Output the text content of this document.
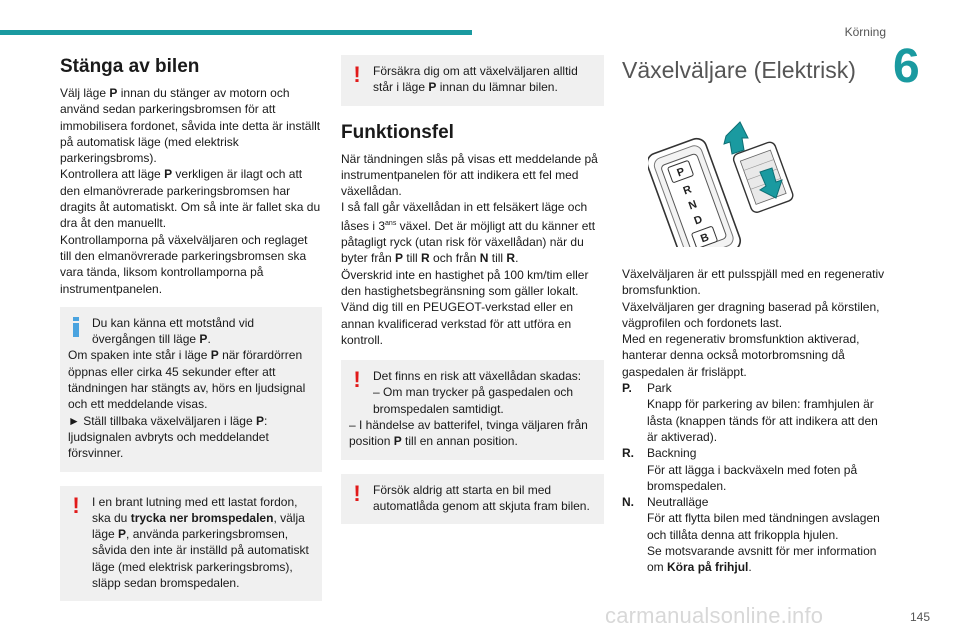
Körning
6
Stänga av bilen

Välj läge P innan du stänger av motorn och använd sedan parkeringsbromsen för att immobilisera fordonet, såvida inte detta är inställt på automatisk läge (med elektrisk parkeringsbroms).

Kontrollera att läge P verkligen är ilagt och att den elmanövrerade parkeringsbromsen har dragits åt automatiskt. Om så inte är fallet ska du dra åt den manuellt.

Kontrollamporna på växelväljaren och reglaget till den elmanövrerade parkeringsbromsen ska vara tända, liksom kontrollamporna på instrumentpanelen.

Du kan känna ett motstånd vid övergången till läge P.

Om spaken inte står i läge P när förardörren öppnas eller cirka 45 sekunder efter att tändningen har stängts av, hörs en ljudsignal och ett meddelande visas.

► Ställ tillbaka växelväljaren i läge P: ljudsignalen avbryts och meddelandet försvinner.

!	I en brant lutning med ett lastat fordon, ska du trycka ner bromspedalen, välja läge P, använda parkeringsbromsen, såvida den inte är inställd på automatiskt läge (med elektrisk parkeringsbroms), släpp sedan bromspedalen.

!	Försäkra dig om att växelväljaren alltid står i läge P innan du lämnar bilen.

Funktionsfel

När tändningen slås på visas ett meddelande på instrumentpanelen för att indikera ett fel med växellådan.

I så fall går växellådan in ett felsäkert läge och låses i $3^{ans}$ växel. Det är möjligt att du känner ett påtagligt ryck (utan risk för växellådan) när du byter från P till R och från N till R.

Överskrid inte en hastighet på 100 km/tim eller den hastighetsbegränsning som gäller lokalt. Vänd dig till en PEUGEOT-verkstad eller en annan kvalificerad verkstad för att utföra en kontroll.

!	Det finns en risk att växellådan skadas:

– Om man trycker på gaspedalen och bromspedalen samtidigt.

– I händelse av batterifel, tvinga väljaren från position P till en annan position.

!	Försök aldrig att starta en bil med automatlåda genom att skjuta fram bilen.

Växelväljare (Elektrisk)
P
R
N
D
B

Växelväljaren är ett pulsspjäll med en regenerativ bromsfunktion.

Växelväljaren ger dragning baserad på körstilen, vägprofilen och fordonets last.

Med en regenerativ bromsfunktion aktiverad, hanterar denna också motorbromsning då gaspedalen är frisläppt.

P.	Park

Knapp för parkering av bilen: framhjulen är låsta (knappen tänds för att indikera att den är aktiverad).

R.	Backning

För att lägga i backväxeln med foten på bromspedalen.

N.	Neutralläge

För att flytta bilen med tändningen avslagen och tillåta denna att frikoppla hjulen.

Se motsvarande avsnitt för mer information om Köra på frihjul.

carmanualsonline.info	145
